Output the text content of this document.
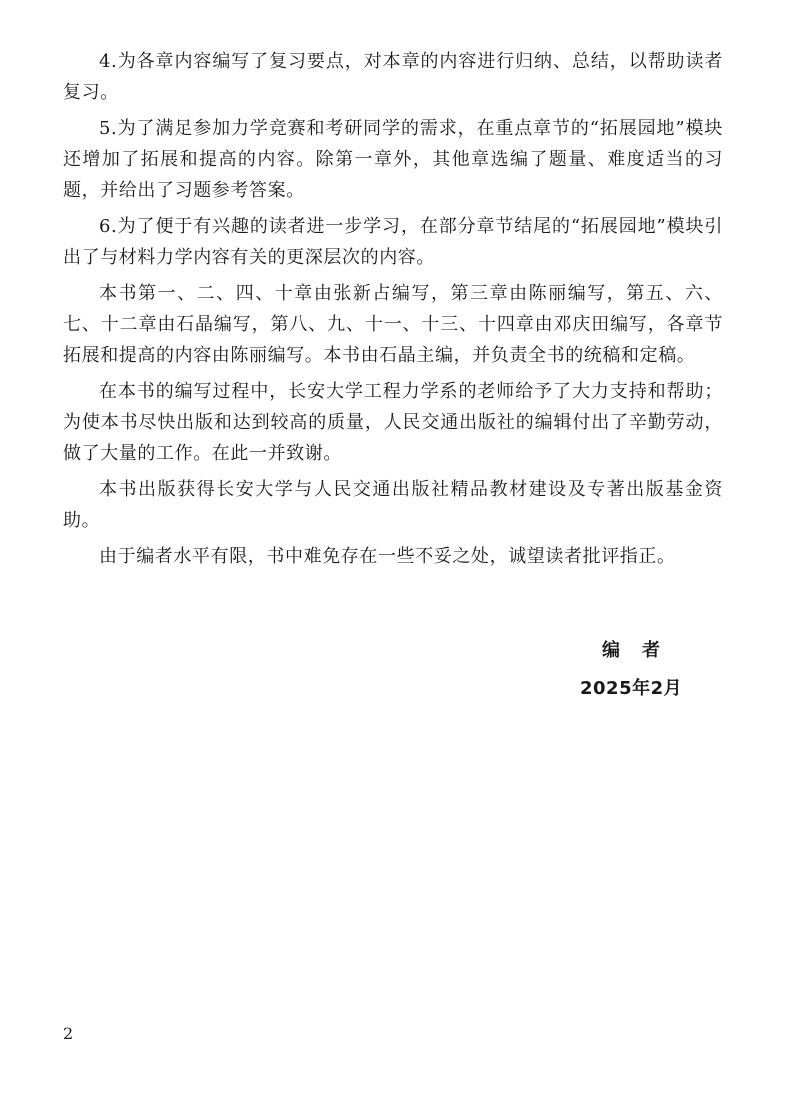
4.为各章内容编写了复习要点，对本章的内容进行归纳、总结，以帮助读者复习。

5.为了满足参加力学竞赛和考研同学的需求，在重点章节的“拓展园地”模块还增加了拓展和提高的内容。除第一章外，其他章选编了题量、难度适当的习题，并给出了习题参考答案。

6.为了便于有兴趣的读者进一步学习，在部分章节结尾的“拓展园地”模块引出了与材料力学内容有关的更深层次的内容。

本书第一、二、四、十章由张新占编写，第三章由陈丽编写，第五、六、七、十二章由石晶编写，第八、九、十一、十三、十四章由邓庆田编写，各章节拓展和提高的内容由陈丽编写。本书由石晶主编，并负责全书的统稿和定稿。

在本书的编写过程中，长安大学工程力学系的老师给予了大力支持和帮助；为使本书尽快出版和达到较高的质量，人民交通出版社的编辑付出了辛勤劳动，做了大量的工作。在此一并致谢。

本书出版获得长安大学与人民交通出版社精品教材建设及专著出版基金资助。

由于编者水平有限，书中难免存在一些不妥之处，诚望读者批评指正。

编者
2025年2月
2
